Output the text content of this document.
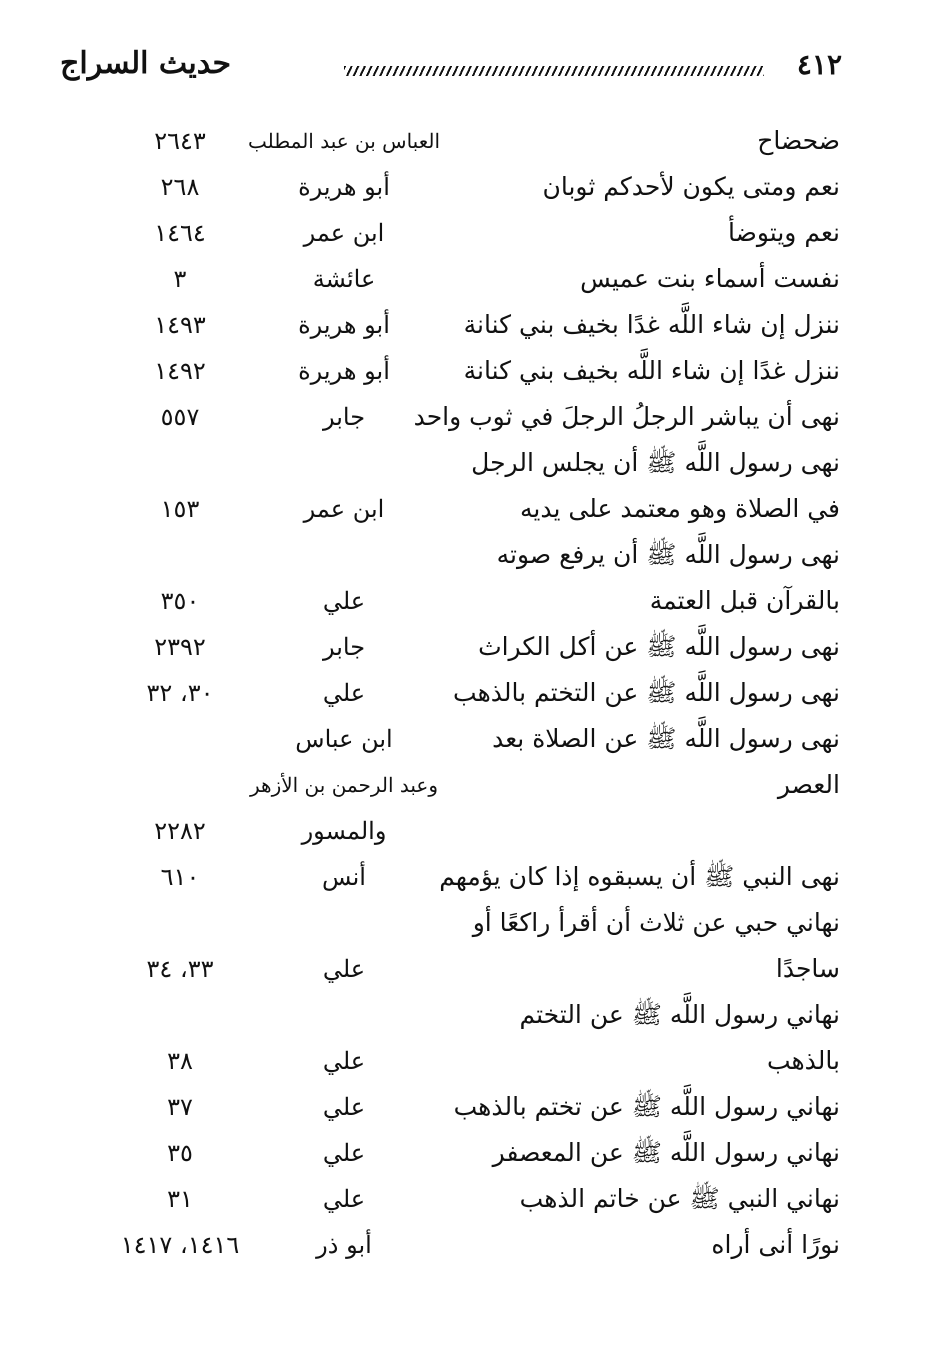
٤١٢
حديث السراج
ضحضاح
العباس بن عبد المطلب
٢٦٤٣
نعم ومتى يكون لأحدكم ثوبان
أبو هريرة
٢٦٨
نعم ويتوضأ
ابن عمر
١٤٦٤
نفست أسماء بنت عميس
عائشة
٣
ننزل إن شاء اللَّه غدًا بخيف بني كنانة
أبو هريرة
١٤٩٣
ننزل غدًا إن شاء اللَّه بخيف بني كنانة
أبو هريرة
١٤٩٢
نهى أن يباشر الرجلُ الرجلَ في ثوب واحد
جابر
٥٥٧
نهى رسول اللَّه ﷺ أن يجلس الرجل
في الصلاة وهو معتمد على يديه
ابن عمر
١٥٣
نهى رسول اللَّه ﷺ أن يرفع صوته
بالقرآن قبل العتمة
علي
٣٥٠
نهى رسول اللَّه ﷺ عن أكل الكراث
جابر
٢٣٩٢
نهى رسول اللَّه ﷺ عن التختم بالذهب
علي
٣٠، ٣٢
نهى رسول اللَّه ﷺ عن الصلاة بعد
ابن عباس
العصر
وعبد الرحمن بن الأزهر
والمسور
٢٢٨٢
نهى النبي ﷺ أن يسبقوه إذا كان يؤمهم
أنس
٦١٠
نهاني حبي عن ثلاث أن أقرأ راكعًا أو
ساجدًا
علي
٣٣، ٣٤
نهاني رسول اللَّه ﷺ عن التختم
بالذهب
علي
٣٨
نهاني رسول اللَّه ﷺ عن تختم بالذهب
علي
٣٧
نهاني رسول اللَّه ﷺ عن المعصفر
علي
٣٥
نهاني النبي ﷺ عن خاتم الذهب
علي
٣١
نورًا أنى أراه
أبو ذر
١٤١٦، ١٤١٧
